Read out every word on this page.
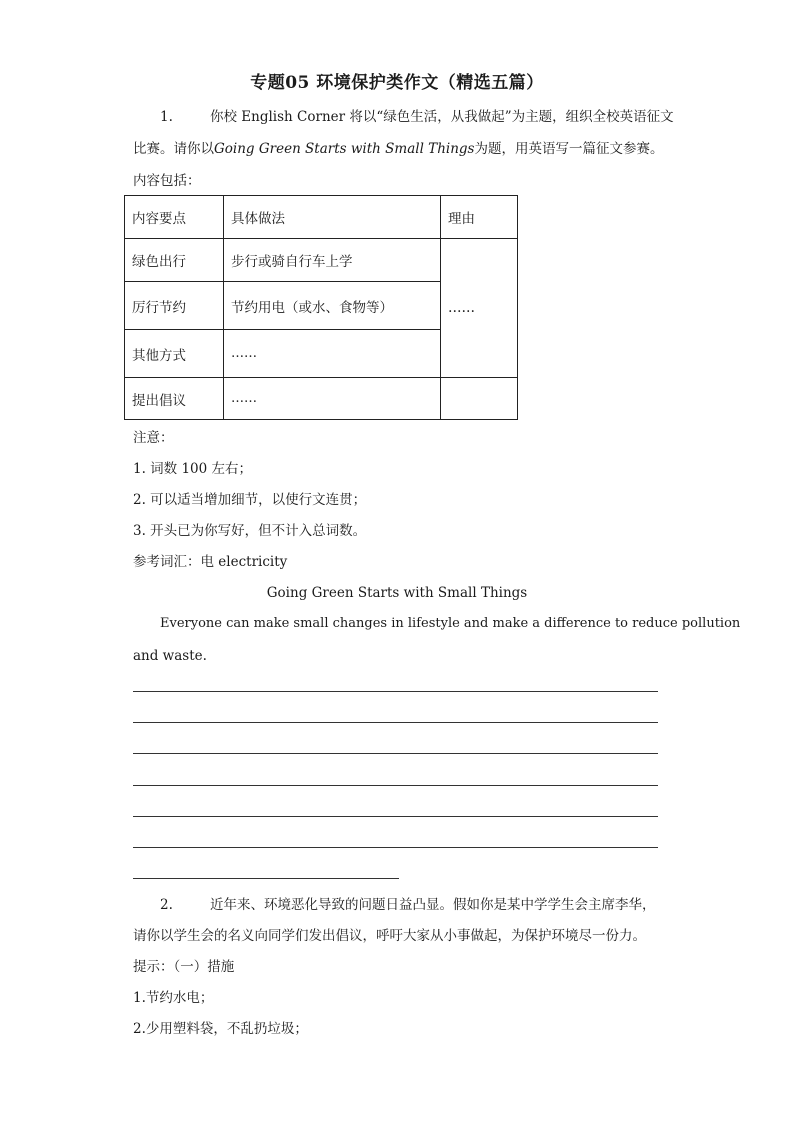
专题05 环境保护类作文（精选五篇）
1.	你校 English Corner 将以“绿色生活，从我做起”为主题，组织全校英语征文
比赛。请你以Going Green Starts with Small Things为题，用英语写一篇征文参赛。
内容包括：
内容要点	具体做法	理由
绿色出行	步行或骑自行车上学	……
厉行节约	节约用电（或水、食物等）	
其他方式	……	
提出倡议	……	
注意：
1. 词数 100 左右；
2. 可以适当增加细节，以使行文连贯；
3. 开头已为你写好，但不计入总词数。
参考词汇：电 electricity
Going Green Starts with Small Things
Everyone can make small changes in lifestyle and make a difference to reduce pollution
and waste.
2.	近年来、环境恶化导致的问题日益凸显。假如你是某中学学生会主席李华，
请你以学生会的名义向同学们发出倡议，呼吁大家从小事做起，为保护环境尽一份力。
提示：（一）措施
1.节约水电；
2.少用塑料袋，不乱扔垃圾；
